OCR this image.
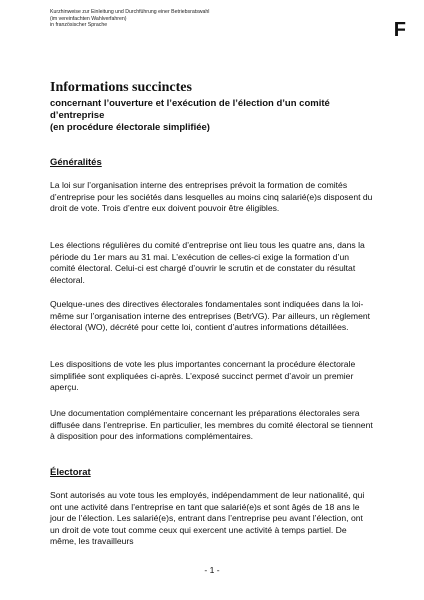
Kurzhinweise zur Einleitung und Durchführung einer Betriebsratswahl
(im vereinfachten Wahlverfahren)
in französischer Sprache	F
Informations succinctes
concernant l’ouverture et l’exécution de l’élection d’un comité
d’entreprise
(en procédure électorale simplifiée)
Généralités

La loi sur l’organisation interne des entreprises prévoit la formation de comités d’entreprise pour les sociétés dans lesquelles au moins cinq salarié(e)s disposent du droit de vote. Trois d’entre eux doivent pouvoir être éligibles.

Les élections régulières du comité d’entreprise ont lieu tous les quatre ans, dans la période du 1er mars au 31 mai. L’exécution de celles-ci exige la formation d’un comité électoral. Celui-ci est chargé d’ouvrir le scrutin et de constater du résultat électoral.

Quelque-unes des directives électorales fondamentales sont indiquées dans la loi-même sur l’organisation interne des entreprises (BetrVG). Par ailleurs, un règlement électoral (WO), décrété pour cette loi, contient d’autres informations détaillées.

Les dispositions de vote les plus importantes concernant la procédure électorale simplifiée sont expliquées ci-après. L’exposé succinct permet d’avoir un premier aperçu.

Une documentation complémentaire concernant les préparations électorales sera diffusée dans l’entreprise. En particulier, les membres du comité électoral se tiennent à disposition pour des informations complémentaires.

Électorat

Sont autorisés au vote tous les employés, indépendamment de leur nationalité, qui ont une activité dans l’entreprise en tant que salarié(e)s et sont âgés de 18 ans le jour de l’élection. Les salarié(e)s, entrant dans l’entreprise peu avant l’élection, ont un droit de vote tout comme ceux qui exercent une activité à temps partiel. De même, les travailleurs

- 1 -
